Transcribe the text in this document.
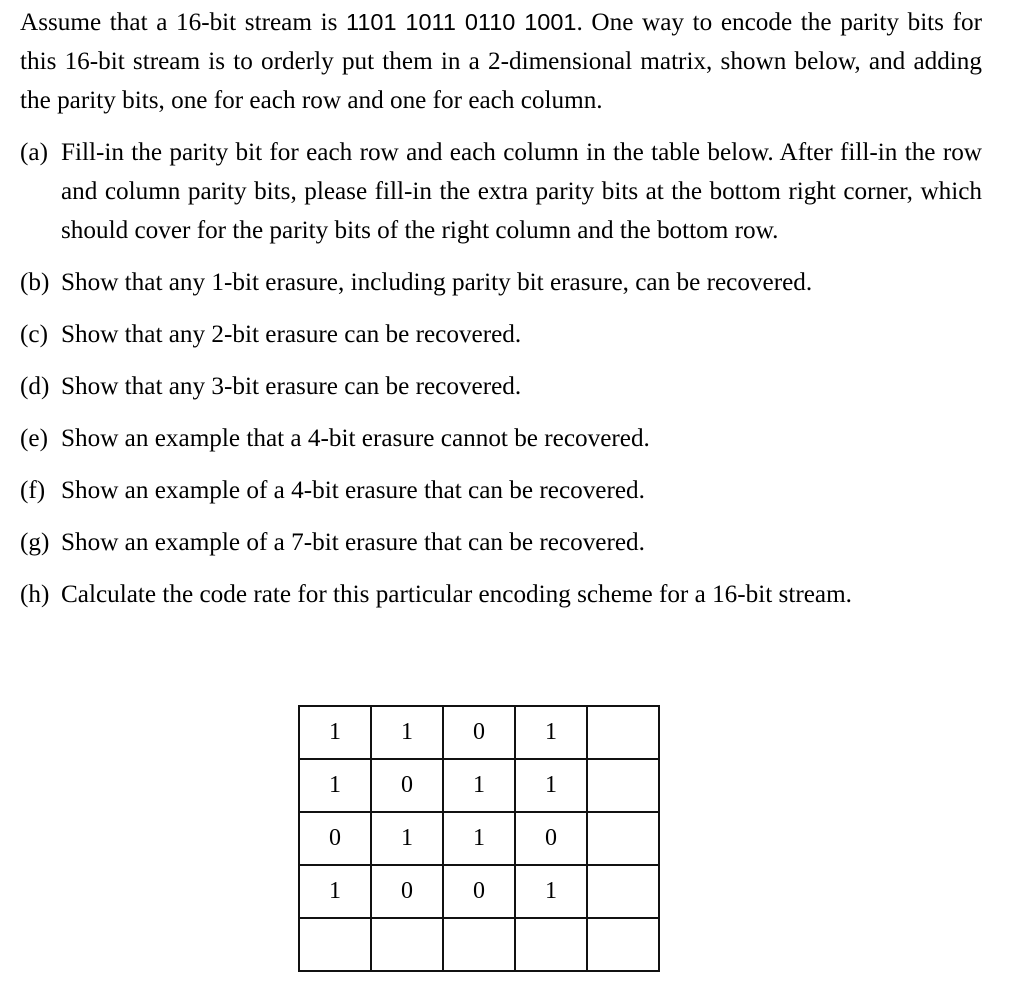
Assume that a 16-bit stream is 1101 1011 0110 1001. One way to encode the parity bits for this 16-bit stream is to orderly put them in a 2-dimensional matrix, shown below, and adding the parity bits, one for each row and one for each column.

(a) Fill-in the parity bit for each row and each column in the table below. After fill-in the row and column parity bits, please fill-in the extra parity bits at the bottom right corner, which should cover for the parity bits of the right column and the bottom row.

(b) Show that any 1-bit erasure, including parity bit erasure, can be recovered.

(c) Show that any 2-bit erasure can be recovered.

(d) Show that any 3-bit erasure can be recovered.

(e) Show an example that a 4-bit erasure cannot be recovered.

(f) Show an example of a 4-bit erasure that can be recovered.

(g) Show an example of a 7-bit erasure that can be recovered.

(h) Calculate the code rate for this particular encoding scheme for a 16-bit stream.

1	1	0	1	
1	0	1	1	
0	1	1	0	
1	0	0	1	
